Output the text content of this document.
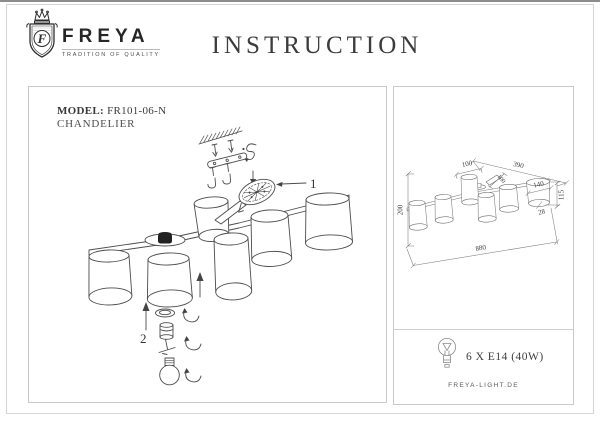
F FREYA
TRADITION OF QUALITY	INSTRUCTION
MODEL: FR101-06-N
CHANDELIER
1
2
200
390
100
100	140
115
28
880
6 X E14 (40W)
FREYA-LIGHT.DE
